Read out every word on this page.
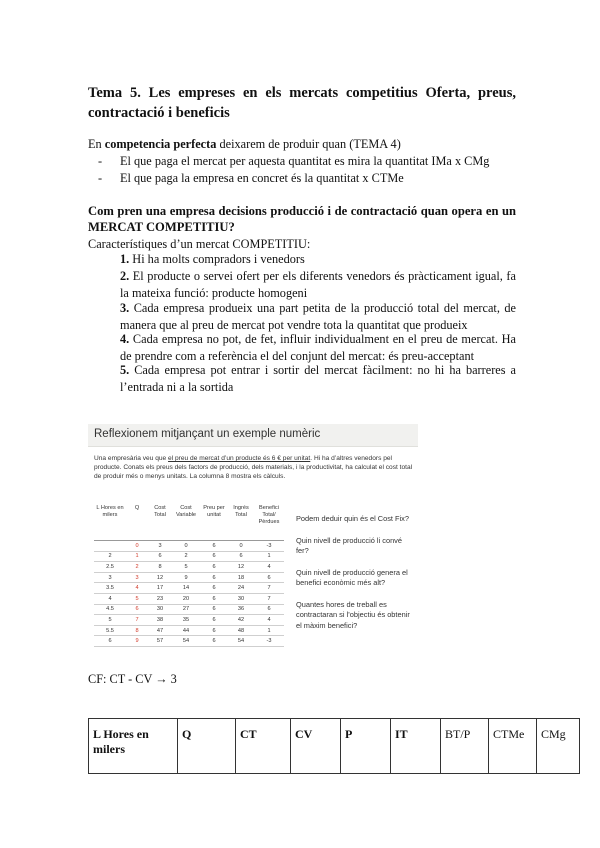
Tema 5. Les empreses en els mercats competitius Oferta, preus, contractació i beneficis
En competencia perfecta deixarem de produir quan (TEMA 4)
- El que paga el mercat per aquesta quantitat es mira la quantitat IMa x CMg
- El que paga la empresa en concret és la quantitat x CTMe
Com pren una empresa decisions producció i de contractació quan opera en un MERCAT COMPETITIU?
Característiques d’un mercat COMPETITIU:
1. Hi ha molts compradors i venedors
2. El producte o servei ofert per els diferents venedors és pràcticament igual, fa la mateixa funció: producte homogeni
3. Cada empresa produeix una part petita de la producció total del mercat, de manera que al preu de mercat pot vendre tota la quantitat que produeix
4. Cada empresa no pot, de fet, influir individualment en el preu de mercat. Ha de prendre com a referència el del conjunt del mercat: és preu-acceptant
5. Cada empresa pot entrar i sortir del mercat fàcilment: no hi ha barreres a l’entrada ni a la sortida
Reflexionem mitjançant un exemple numèric
Una empresària veu que el preu de mercat d’un producte és 6 € per unitat. Hi ha d’altres venedors pel producte. Conats els preus dels factors de producció, dels materials, i la productivitat, ha calculat el cost total de produir més o menys unitats. La columna 8 mostra els càlculs.
L Hores en milers	Q	Cost Total	Cost Variable	Preu per unitat	Ingrés Total	Benefici Total/ Pèrdues
	0	3	0	6	0	-3
2	1	6	2	6	6	1
2.5	2	8	5	6	12	4
3	3	12	9	6	18	6
3.5	4	17	14	6	24	7
4	5	23	20	6	30	7
4.5	6	30	27	6	36	6
5	7	38	35	6	42	4
5.5	8	47	44	6	48	1
6	9	57	54	6	54	-3

Podem deduir quin és el Cost Fix?

Quin nivell de producció li convé fer?

Quin nivell de producció genera el benefici econòmic més alt?

Quantes hores de treball es contractaran si l’objectiu és obtenir el màxim benefici?

CF: CT - CV → 3
L Hores en milers	Q	CT	CV	P	IT	BT/P	CTMe	CMg
